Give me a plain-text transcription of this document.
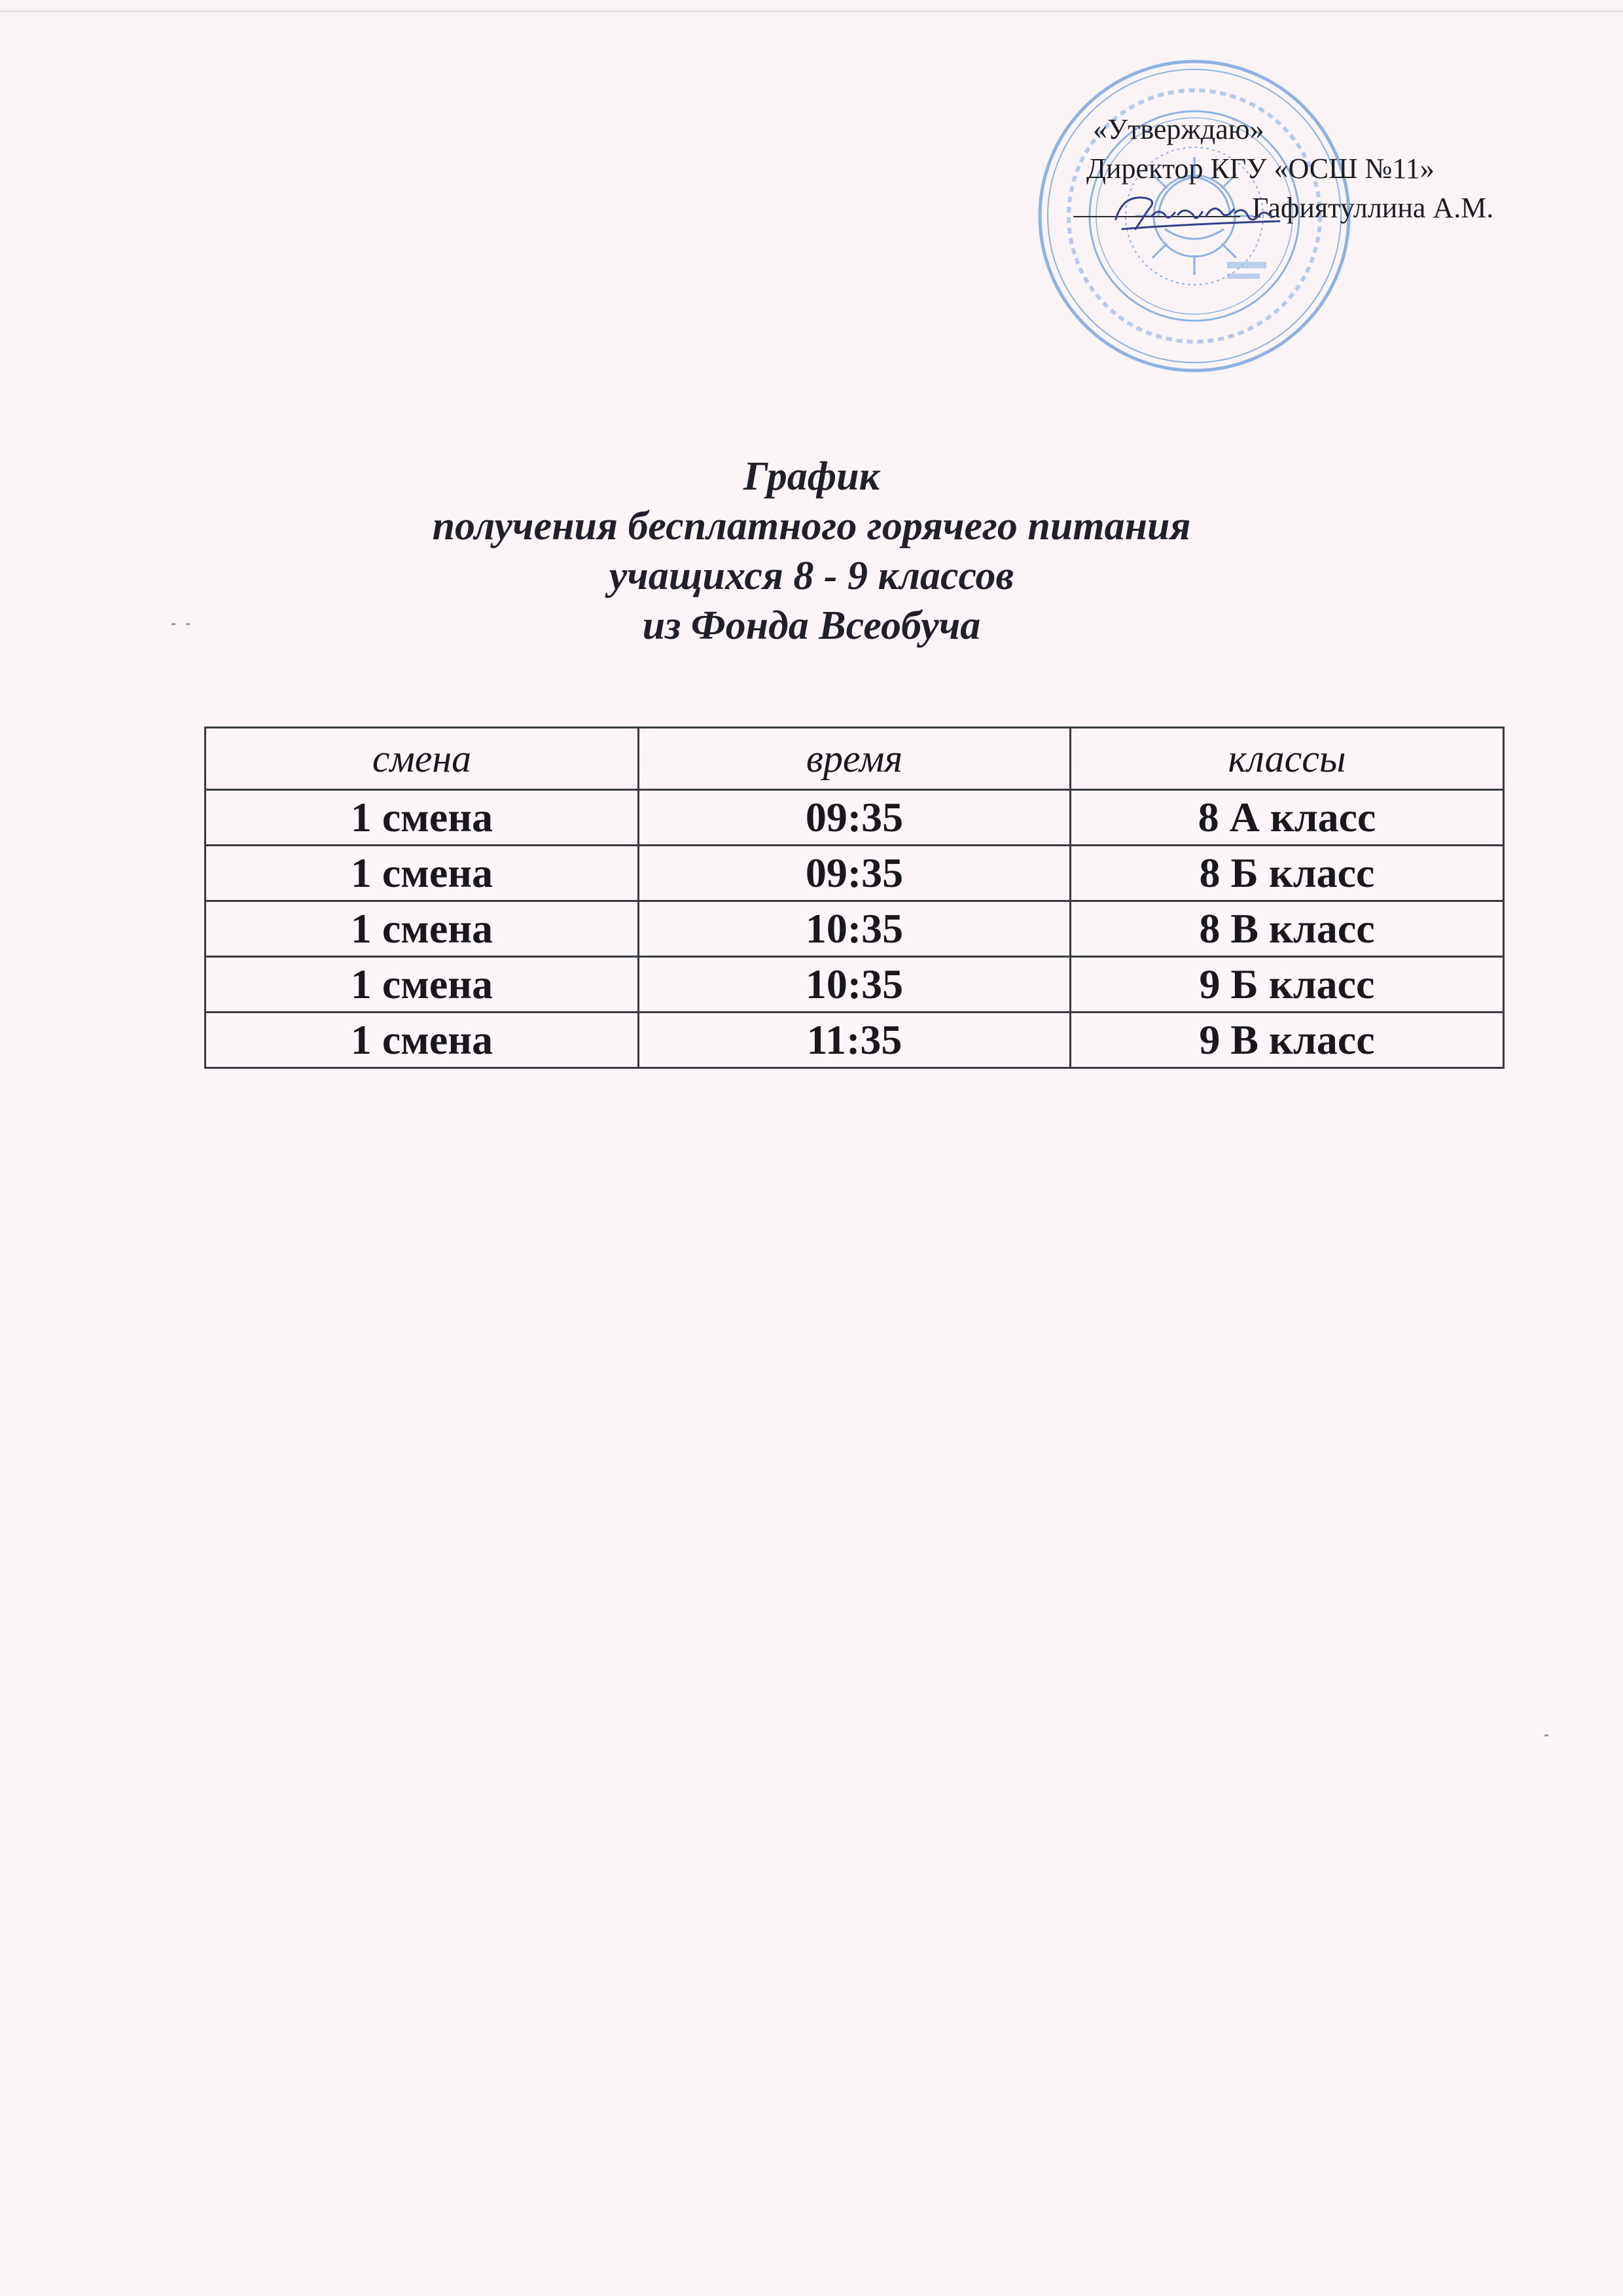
«Утверждаю»
Директор КГУ «ОСШ №11»
Гафиятуллина А.М.
График
получения бесплатного горячего питания
учащихся 8 - 9 классов
из Фонда Всеобуча
смена	время	классы
1 смена	09:35	8 А класс
1 смена	09:35	8 Б класс
1 смена	10:35	8 В класс
1 смена	10:35	9 Б класс
1 смена	11:35	9 В класс
